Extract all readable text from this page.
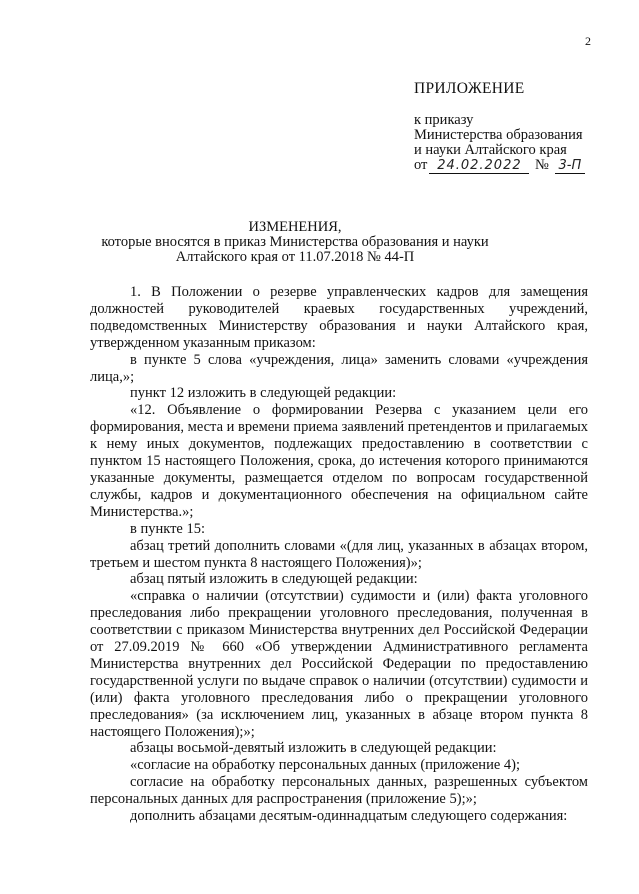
2
ПРИЛОЖЕНИЕ
к приказу
Министерства образования
и науки Алтайского края
от 24.02.2022 № 3-П
ИЗМЕНЕНИЯ,
которые вносятся в приказ Министерства образования и науки
Алтайского края от 11.07.2018 № 44-П

1. В Положении о резерве управленческих кадров для замещения должностей руководителей краевых государственных учреждений, подведомственных Министерству образования и науки Алтайского края, утвержденном указанным приказом:

в пункте 5 слова «учреждения, лица» заменить словами «учреждения лица,»;

пункт 12 изложить в следующей редакции:

«12. Объявление о формировании Резерва с указанием цели его формирования, места и времени приема заявлений претендентов и прилагаемых к нему иных документов, подлежащих предоставлению в соответствии с пунктом 15 настоящего Положения, срока, до истечения которого принимаются указанные документы, размещается отделом по вопросам государственной службы, кадров и документационного обеспечения на официальном сайте Министерства.»;

в пункте 15:

абзац третий дополнить словами «(для лиц, указанных в абзацах втором, третьем и шестом пункта 8 настоящего Положения)»;

абзац пятый изложить в следующей редакции:

«справка о наличии (отсутствии) судимости и (или) факта уголовного преследования либо прекращении уголовного преследования, полученная в соответствии с приказом Министерства внутренних дел Российской Федерации от 27.09.2019 № 660 «Об утверждении Административного регламента Министерства внутренних дел Российской Федерации по предоставлению государственной услуги по выдаче справок о наличии (отсутствии) судимости и (или) факта уголовного преследования либо о прекращении уголовного преследования» (за исключением лиц, указанных в абзаце втором пункта 8 настоящего Положения);»;

абзацы восьмой-девятый изложить в следующей редакции:

«согласие на обработку персональных данных (приложение 4);

согласие на обработку персональных данных, разрешенных субъектом персональных данных для распространения (приложение 5);»;

дополнить абзацами десятым-одиннадцатым следующего содержания:
